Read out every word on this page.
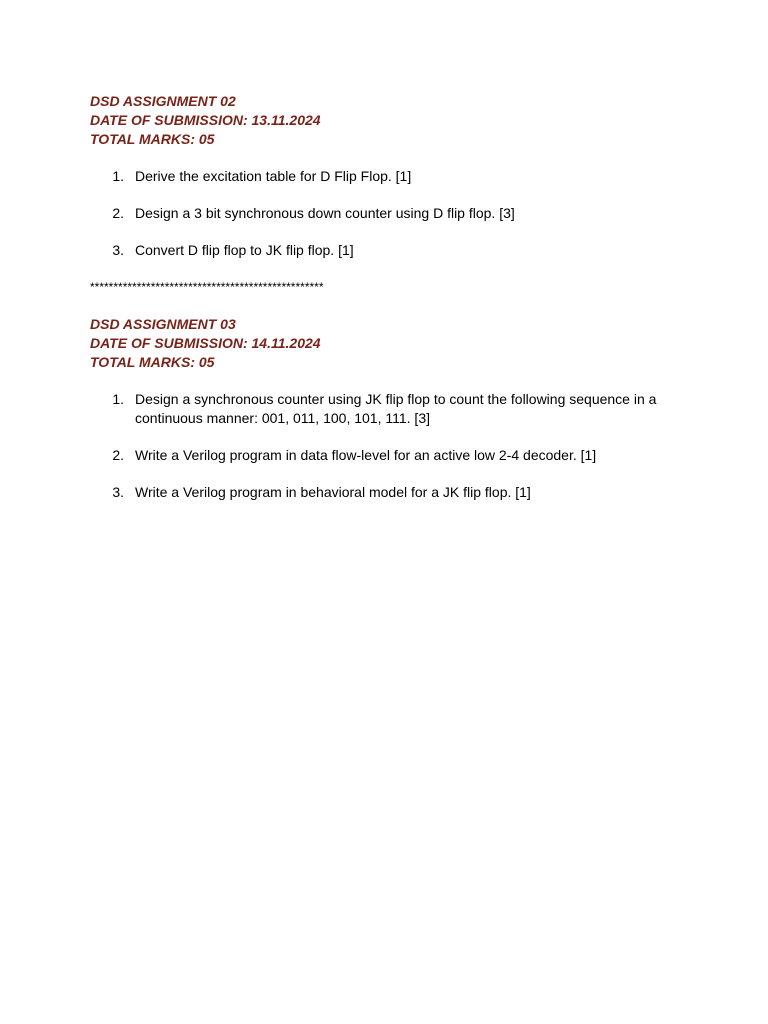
DSD ASSIGNMENT 02

DATE OF SUBMISSION: 13.11.2024

TOTAL MARKS: 05

1. Derive the excitation table for D Flip Flop. [1]
2. Design a 3 bit synchronous down counter using D flip flop. [3]
3. Convert D flip flop to JK flip flop. [1]
**************************************************

DSD ASSIGNMENT 03

DATE OF SUBMISSION: 14.11.2024

TOTAL MARKS: 05

1. Design a synchronous counter using JK flip flop to count the following sequence in a continuous manner: 001, 011, 100, 101, 111. [3]
2. Write a Verilog program in data flow-level for an active low 2-4 decoder. [1]
3. Write a Verilog program in behavioral model for a JK flip flop. [1]
